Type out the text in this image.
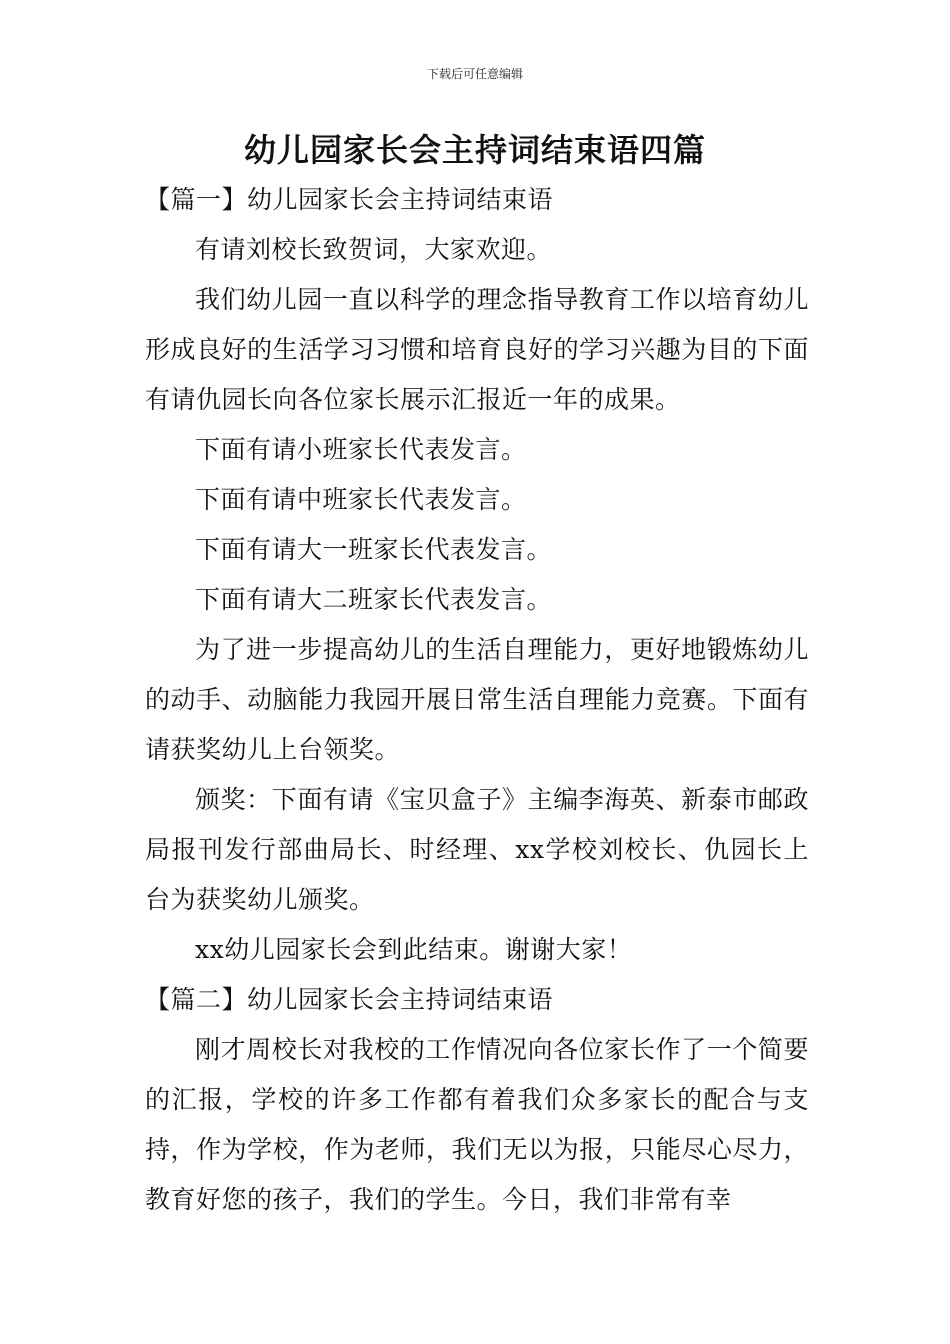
下载后可任意编辑
幼儿园家长会主持词结束语四篇

【篇一】幼儿园家长会主持词结束语

有请刘校长致贺词，大家欢迎。

我们幼儿园一直以科学的理念指导教育工作以培育幼儿形成良好的生活学习习惯和培育良好的学习兴趣为目的下面有请仇园长向各位家长展示汇报近一年的成果。

下面有请小班家长代表发言。

下面有请中班家长代表发言。

下面有请大一班家长代表发言。

下面有请大二班家长代表发言。

为了进一步提高幼儿的生活自理能力，更好地锻炼幼儿的动手、动脑能力我园开展日常生活自理能力竞赛。下面有请获奖幼儿上台领奖。

颁奖：下面有请《宝贝盒子》主编李海英、新泰市邮政局报刊发行部曲局长、时经理、xx学校刘校长、仇园长上台为获奖幼儿颁奖。

xx幼儿园家长会到此结束。谢谢大家！

【篇二】幼儿园家长会主持词结束语

刚才周校长对我校的工作情况向各位家长作了一个简要的汇报，学校的许多工作都有着我们众多家长的配合与支持，作为学校，作为老师，我们无以为报，只能尽心尽力，教育好您的孩子，我们的学生。今日，我们非常有幸
